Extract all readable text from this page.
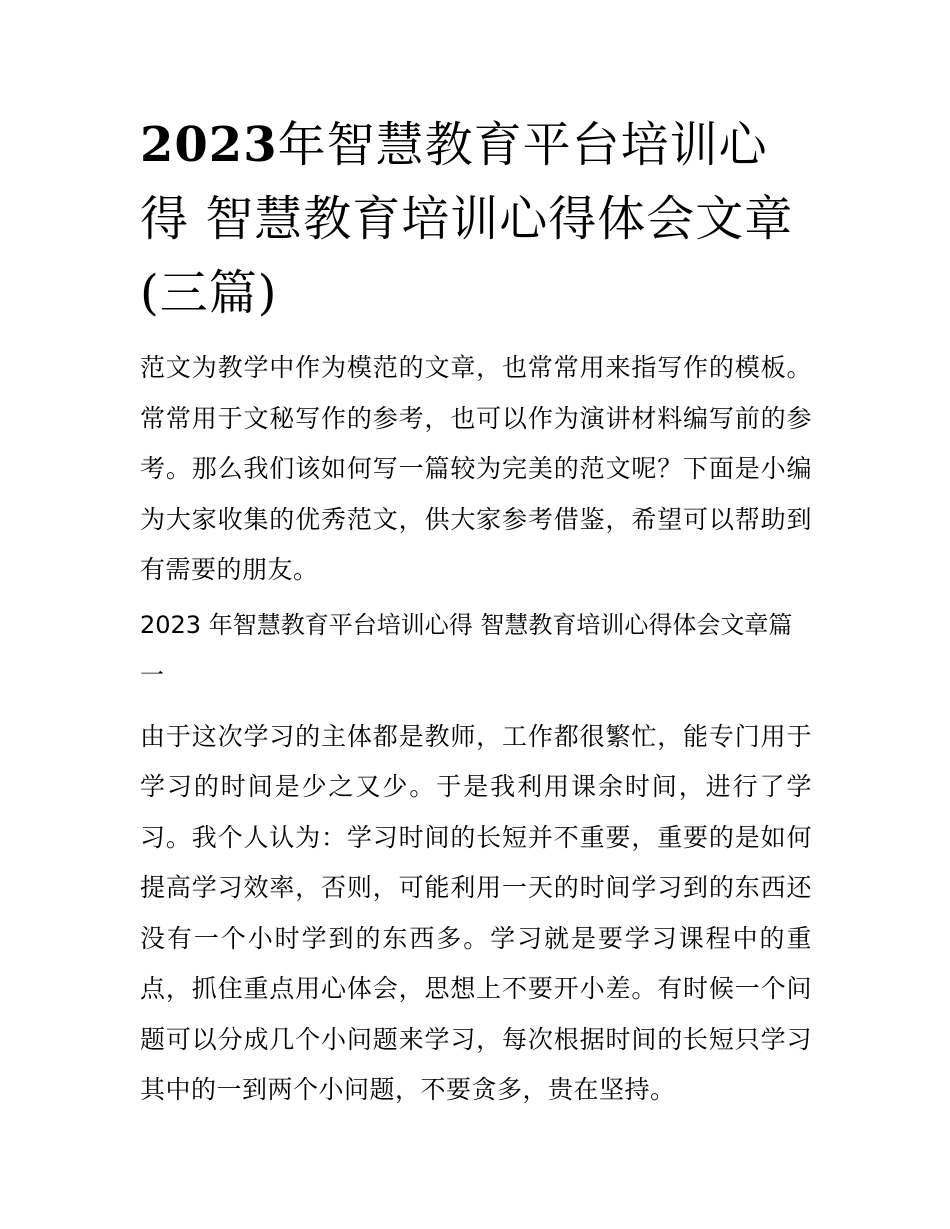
2023年智慧教育平台培训心得 智慧教育培训心得体会文章(三篇)

范文为教学中作为模范的文章，也常常用来指写作的模板。常常用于文秘写作的参考，也可以作为演讲材料编写前的参考。那么我们该如何写一篇较为完美的范文呢？下面是小编为大家收集的优秀范文，供大家参考借鉴，希望可以帮助到有需要的朋友。

2023 年智慧教育平台培训心得 智慧教育培训心得体会文章篇一

由于这次学习的主体都是教师，工作都很繁忙，能专门用于学习的时间是少之又少。于是我利用课余时间，进行了学习。我个人认为：学习时间的长短并不重要，重要的是如何提高学习效率，否则，可能利用一天的时间学习到的东西还没有一个小时学到的东西多。学习就是要学习课程中的重点，抓住重点用心体会，思想上不要开小差。有时候一个问题可以分成几个小问题来学习，每次根据时间的长短只学习其中的一到两个小问题，不要贪多，贵在坚持。
